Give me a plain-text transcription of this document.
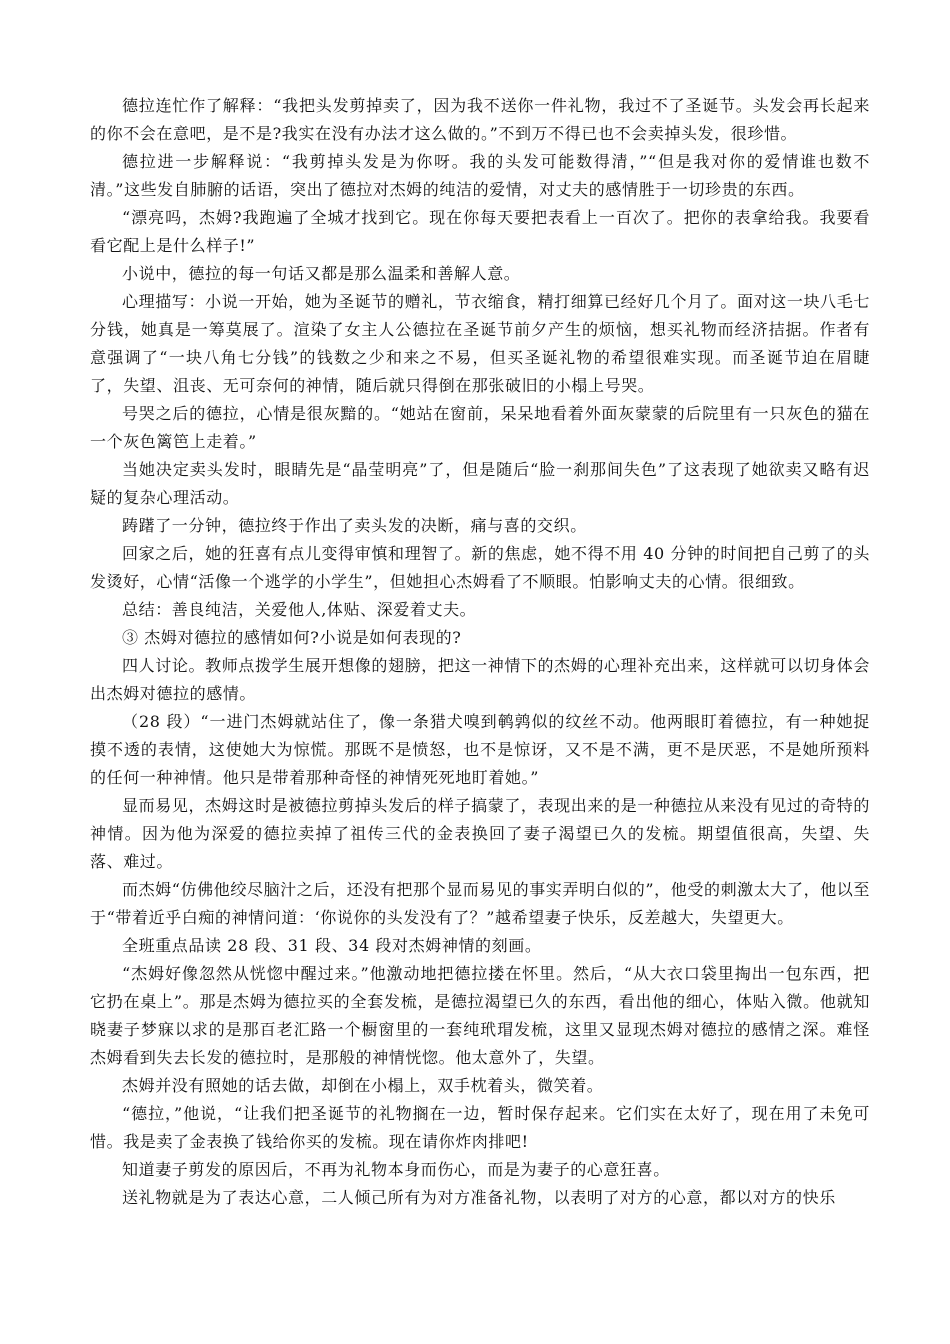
德拉连忙作了解释：“我把头发剪掉卖了，因为我不送你一件礼物，我过不了圣诞节。头发会再长起来的你不会在意吧，是不是?我实在没有办法才这么做的。”不到万不得已也不会卖掉头发，很珍惜。

德拉进一步解释说：“我剪掉头发是为你呀。我的头发可能数得清，”“但是我对你的爱情谁也数不清。”这些发自肺腑的话语，突出了德拉对杰姆的纯洁的爱情，对丈夫的感情胜于一切珍贵的东西。

“漂亮吗，杰姆?我跑遍了全城才找到它。现在你每天要把表看上一百次了。把你的表拿给我。我要看看它配上是什么样子!”

小说中，德拉的每一句话又都是那么温柔和善解人意。

心理描写：小说一开始，她为圣诞节的赠礼，节衣缩食，精打细算已经好几个月了。面对这一块八毛七分钱，她真是一筹莫展了。渲染了女主人公德拉在圣诞节前夕产生的烦恼，想买礼物而经济拮据。作者有意强调了“一块八角七分钱”的钱数之少和来之不易，但买圣诞礼物的希望很难实现。而圣诞节迫在眉睫了，失望、沮丧、无可奈何的神情，随后就只得倒在那张破旧的小榻上号哭。

号哭之后的德拉，心情是很灰黯的。“她站在窗前，呆呆地看着外面灰蒙蒙的后院里有一只灰色的猫在一个灰色篱笆上走着。”

当她决定卖头发时，眼睛先是“晶莹明亮”了，但是随后“脸一刹那间失色”了这表现了她欲卖又略有迟疑的复杂心理活动。

踌躇了一分钟，德拉终于作出了卖头发的决断，痛与喜的交织。

回家之后，她的狂喜有点儿变得审慎和理智了。新的焦虑，她不得不用 40 分钟的时间把自己剪了的头发烫好，心情“活像一个逃学的小学生”，但她担心杰姆看了不顺眼。怕影响丈夫的心情。很细致。

总结：善良纯洁，关爱他人,体贴、深爱着丈夫。

③ 杰姆对德拉的感情如何?小说是如何表现的?

四人讨论。教师点拨学生展开想像的翅膀，把这一神情下的杰姆的心理补充出来，这样就可以切身体会出杰姆对德拉的感情。

（28 段）“一进门杰姆就站住了，像一条猎犬嗅到鹌鹑似的纹丝不动。他两眼盯着德拉，有一种她捉摸不透的表情，这使她大为惊慌。那既不是愤怒，也不是惊讶，又不是不满，更不是厌恶，不是她所预料的任何一种神情。他只是带着那种奇怪的神情死死地盯着她。”

显而易见，杰姆这时是被德拉剪掉头发后的样子搞蒙了，表现出来的是一种德拉从来没有见过的奇特的神情。因为他为深爱的德拉卖掉了祖传三代的金表换回了妻子渴望已久的发梳。期望值很高，失望、失落、难过。

而杰姆“仿佛他绞尽脑汁之后，还没有把那个显而易见的事实弄明白似的”，他受的刺激太大了，他以至于“带着近乎白痴的神情问道：‘你说你的头发没有了？”越希望妻子快乐，反差越大，失望更大。

全班重点品读 28 段、31 段、34 段对杰姆神情的刻画。

“杰姆好像忽然从恍惚中醒过来。”他激动地把德拉搂在怀里。然后，“从大衣口袋里掏出一包东西，把它扔在桌上”。那是杰姆为德拉买的全套发梳，是德拉渴望已久的东西，看出他的细心，体贴入微。他就知晓妻子梦寐以求的是那百老汇路一个橱窗里的一套纯玳瑁发梳，这里又显现杰姆对德拉的感情之深。难怪杰姆看到失去长发的德拉时，是那般的神情恍惚。他太意外了，失望。

杰姆并没有照她的话去做，却倒在小榻上，双手枕着头，微笑着。

“德拉，”他说，“让我们把圣诞节的礼物搁在一边，暂时保存起来。它们实在太好了，现在用了未免可惜。我是卖了金表换了钱给你买的发梳。现在请你炸肉排吧!

知道妻子剪发的原因后，不再为礼物本身而伤心，而是为妻子的心意狂喜。

送礼物就是为了表达心意，二人倾己所有为对方准备礼物，以表明了对方的心意，都以对方的快乐
